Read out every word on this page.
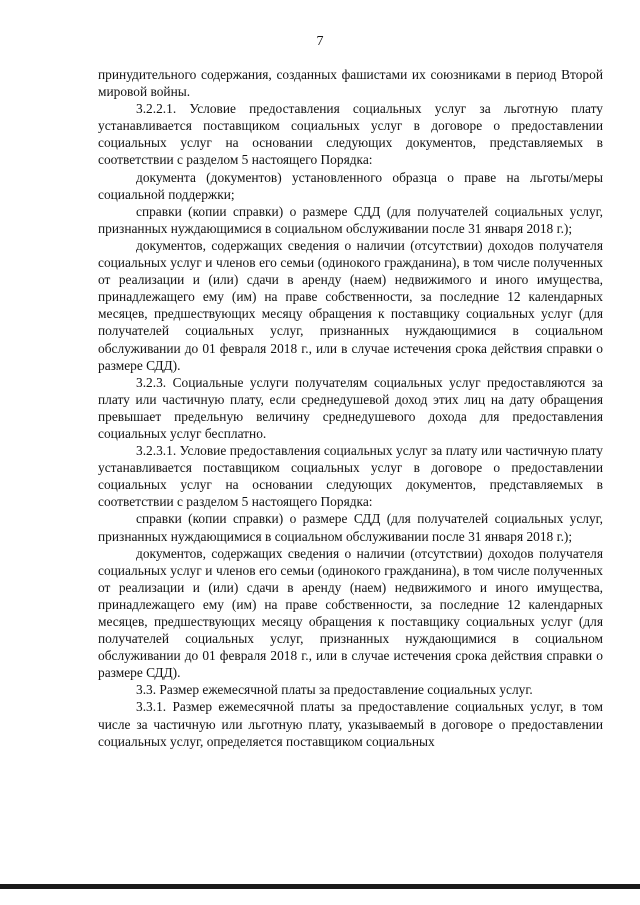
7

принудительного содержания, созданных фашистами их союзниками в период Второй мировой войны.

3.2.2.1. Условие предоставления социальных услуг за льготную плату устанавливается поставщиком социальных услуг в договоре о предоставлении социальных услуг на основании следующих документов, представляемых в соответствии с разделом 5 настоящего Порядка:

документа (документов) установленного образца о праве на льготы/меры социальной поддержки;

справки (копии справки) о размере СДД (для получателей социальных услуг, признанных нуждающимися в социальном обслуживании после 31 января 2018 г.);

документов, содержащих сведения о наличии (отсутствии) доходов получателя социальных услуг и членов его семьи (одинокого гражданина), в том числе полученных от реализации и (или) сдачи в аренду (наем) недвижимого и иного имущества, принадлежащего ему (им) на праве собственности, за последние 12 календарных месяцев, предшествующих месяцу обращения к поставщику социальных услуг (для получателей социальных услуг, признанных нуждающимися в социальном обслуживании до 01 февраля 2018 г., или в случае истечения срока действия справки о размере СДД).

3.2.3. Социальные услуги получателям социальных услуг предоставляются за плату или частичную плату, если среднедушевой доход этих лиц на дату обращения превышает предельную величину среднедушевого дохода для предоставления социальных услуг бесплатно.

3.2.3.1. Условие предоставления социальных услуг за плату или частичную плату устанавливается поставщиком социальных услуг в договоре о предоставлении социальных услуг на основании следующих документов, представляемых в соответствии с разделом 5 настоящего Порядка:

справки (копии справки) о размере СДД (для получателей социальных услуг, признанных нуждающимися в социальном обслуживании после 31 января 2018 г.);

документов, содержащих сведения о наличии (отсутствии) доходов получателя социальных услуг и членов его семьи (одинокого гражданина), в том числе полученных от реализации и (или) сдачи в аренду (наем) недвижимого и иного имущества, принадлежащего ему (им) на праве собственности, за последние 12 календарных месяцев, предшествующих месяцу обращения к поставщику социальных услуг (для получателей социальных услуг, признанных нуждающимися в социальном обслуживании до 01 февраля 2018 г., или в случае истечения срока действия справки о размере СДД).

3.3. Размер ежемесячной платы за предоставление социальных услуг.

3.3.1. Размер ежемесячной платы за предоставление социальных услуг, в том числе за частичную или льготную плату, указываемый в договоре о предоставлении социальных услуг, определяется поставщиком социальных
